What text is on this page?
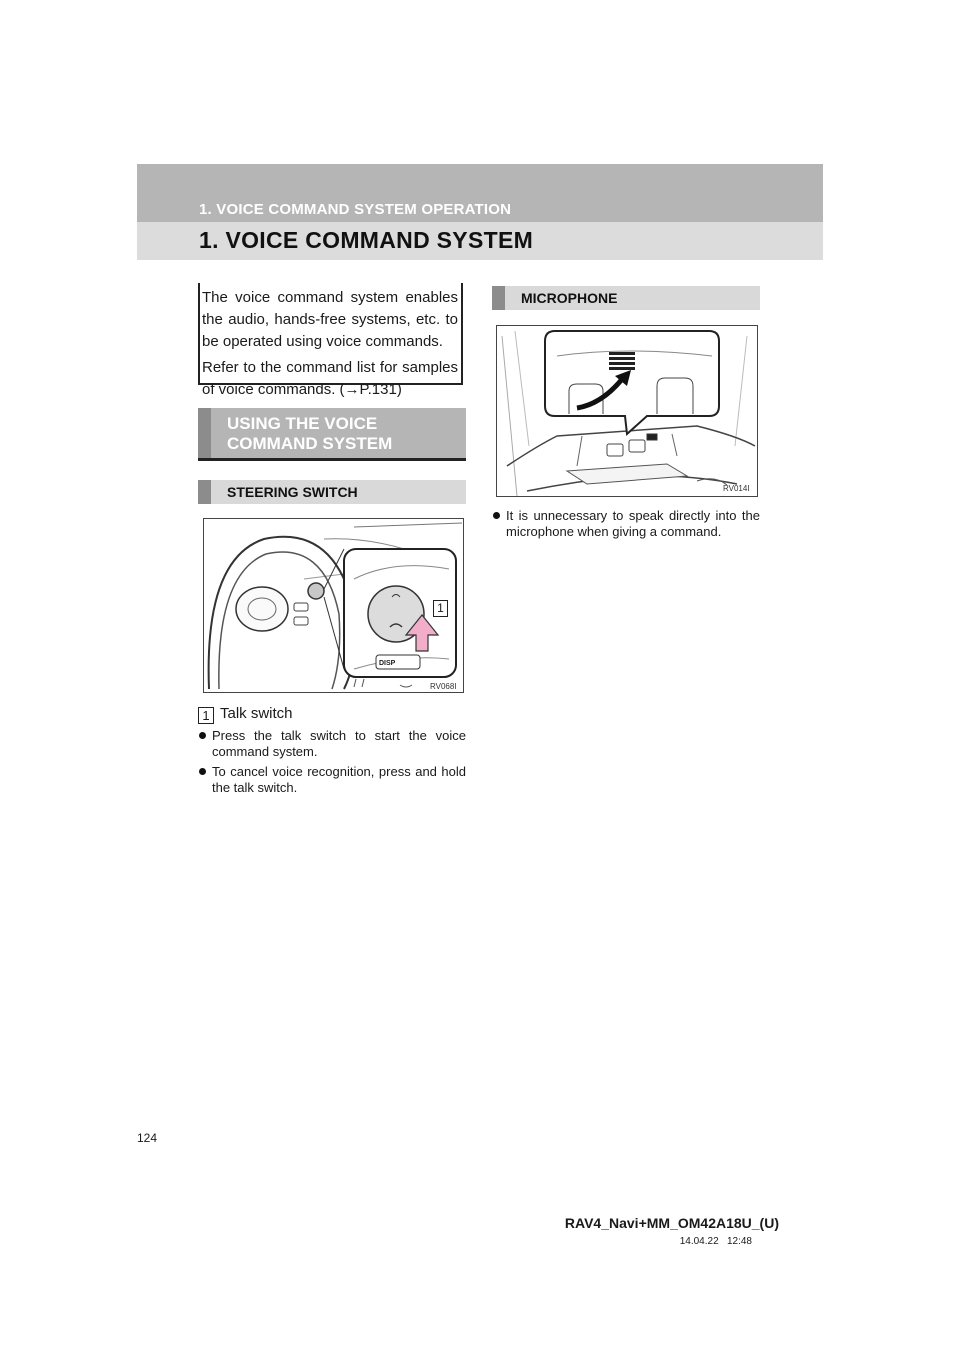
1. VOICE COMMAND SYSTEM OPERATION
1. VOICE COMMAND SYSTEM

The voice command system enables the audio, hands-free systems, etc. to be operated using voice commands.

Refer to the command list for samples of voice commands. (→P.131)

USING THE VOICE COMMAND SYSTEM
STEERING SWITCH
DISP
1
RV068I
1 Talk switch
Press the talk switch to start the voice command system.
To cancel voice recognition, press and hold the talk switch.
MICROPHONE
RV014I
It is unnecessary to speak directly into the microphone when giving a command.
124
RAV4_Navi+MM_OM42A18U_(U)
14.04.22   12:48
